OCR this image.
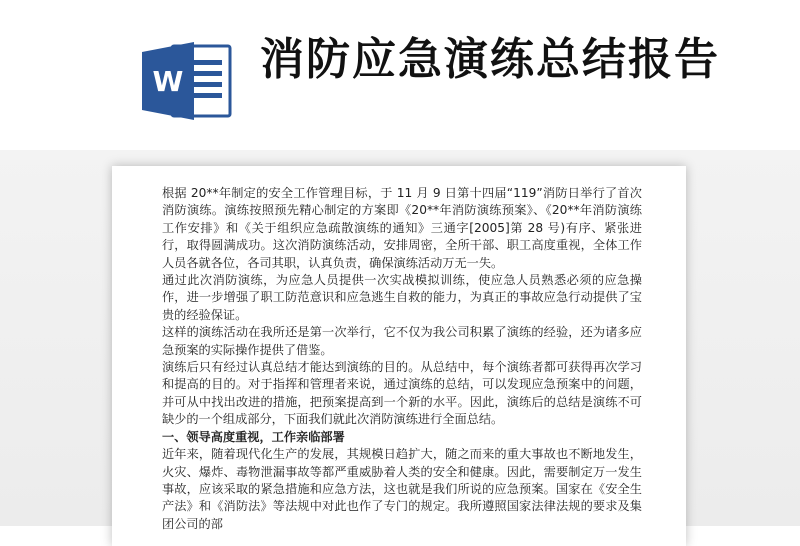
W 消防应急演练总结报告

根据 20**年制定的安全工作管理目标，于 11 月 9 日第十四届“119”消防日举行了首次消防演练。演练按照预先精心制定的方案即《20**年消防演练预案》、《20**年消防演练工作安排》和《关于组织应急疏散演练的通知》三通字[2005]第 28 号)有序、紧张进行，取得圆满成功。这次消防演练活动，安排周密，全所干部、职工高度重视，全体工作人员各就各位，各司其职，认真负责，确保演练活动万无一失。

通过此次消防演练，为应急人员提供一次实战模拟训练，使应急人员熟悉必须的应急操作，进一步增强了职工防范意识和应急逃生自救的能力，为真正的事故应急行动提供了宝贵的经验保证。

这样的演练活动在我所还是第一次举行，它不仅为我公司积累了演练的经验，还为诸多应急预案的实际操作提供了借鉴。

演练后只有经过认真总结才能达到演练的目的。从总结中，每个演练者都可获得再次学习和提高的目的。对于指挥和管理者来说，通过演练的总结，可以发现应急预案中的问题，并可从中找出改进的措施，把预案提高到一个新的水平。因此，演练后的总结是演练不可缺少的一个组成部分，下面我们就此次消防演练进行全面总结。

一、领导高度重视，工作亲临部署

近年来，随着现代化生产的发展，其规模日趋扩大，随之而来的重大事故也不断地发生，火灾、爆炸、毒物泄漏事故等都严重威胁着人类的安全和健康。因此，需要制定万一发生事故，应该采取的紧急措施和应急方法，这也就是我们所说的应急预案。国家在《安全生产法》和《消防法》等法规中对此也作了专门的规定。我所遵照国家法律法规的要求及集团公司的部
